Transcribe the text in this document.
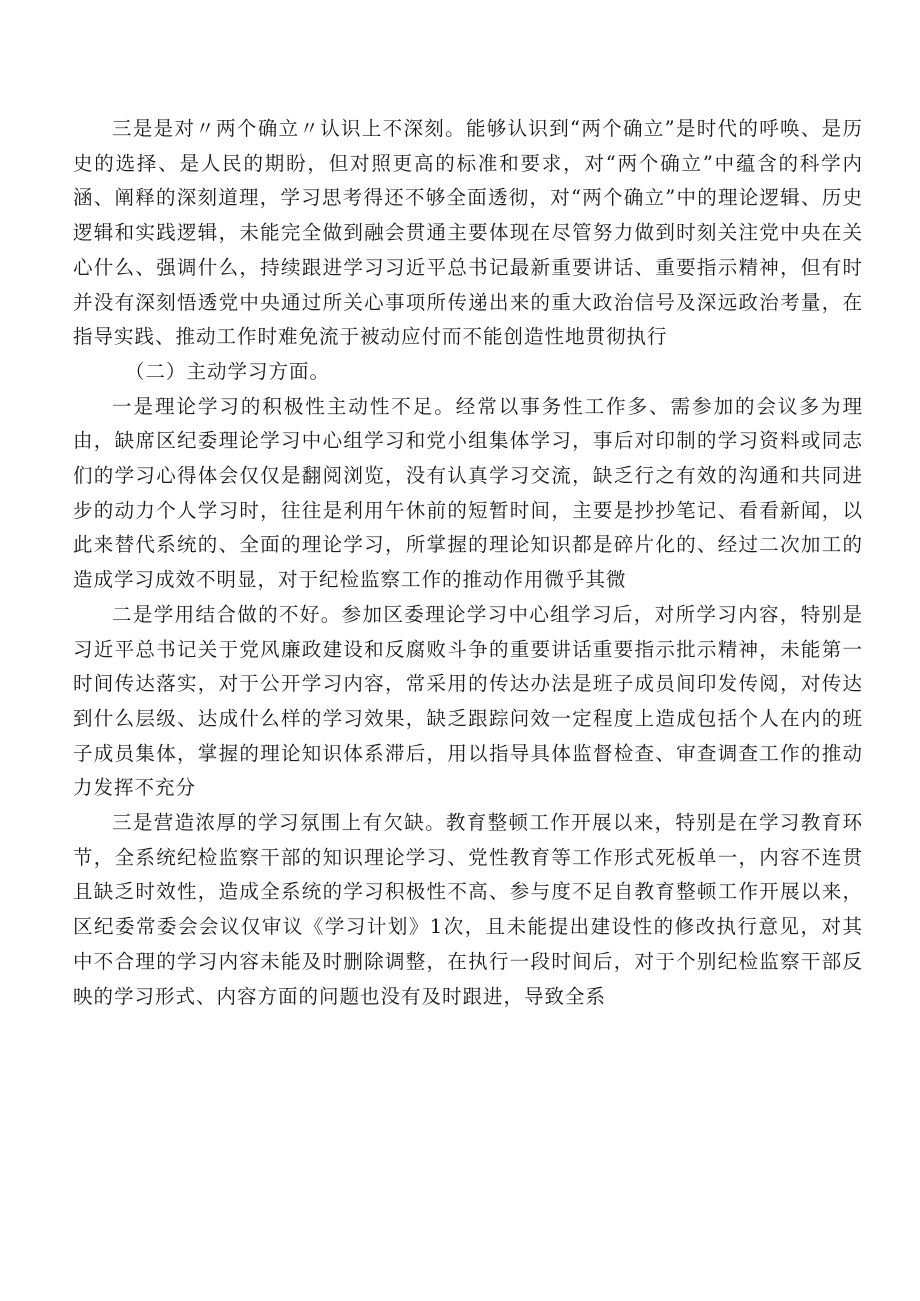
三是是对〃两个确立〃认识上不深刻。能够认识到“两个确立”是时代的呼唤、是历史的选择、是人民的期盼，但对照更高的标准和要求，对“两个确立”中蕴含的科学内涵、阐释的深刻道理，学习思考得还不够全面透彻，对“两个确立”中的理论逻辑、历史逻辑和实践逻辑，未能完全做到融会贯通主要体现在尽管努力做到时刻关注党中央在关心什么、强调什么，持续跟进学习习近平总书记最新重要讲话、重要指示精神，但有时并没有深刻悟透党中央通过所关心事项所传递出来的重大政治信号及深远政治考量，在指导实践、推动工作时难免流于被动应付而不能创造性地贯彻执行

（二）主动学习方面。

一是理论学习的积极性主动性不足。经常以事务性工作多、需参加的会议多为理由，缺席区纪委理论学习中心组学习和党小组集体学习，事后对印制的学习资料或同志们的学习心得体会仅仅是翻阅浏览，没有认真学习交流，缺乏行之有效的沟通和共同进步的动力个人学习时，往往是利用午休前的短暂时间，主要是抄抄笔记、看看新闻，以此来替代系统的、全面的理论学习，所掌握的理论知识都是碎片化的、经过二次加工的造成学习成效不明显，对于纪检监察工作的推动作用微乎其微

二是学用结合做的不好。参加区委理论学习中心组学习后，对所学习内容，特别是习近平总书记关于党风廉政建设和反腐败斗争的重要讲话重要指示批示精神，未能第一时间传达落实，对于公开学习内容，常采用的传达办法是班子成员间印发传阅，对传达到什么层级、达成什么样的学习效果，缺乏跟踪问效一定程度上造成包括个人在内的班子成员集体，掌握的理论知识体系滞后，用以指导具体监督检查、审查调查工作的推动力发挥不充分

三是营造浓厚的学习氛围上有欠缺。教育整顿工作开展以来，特别是在学习教育环节，全系统纪检监察干部的知识理论学习、党性教育等工作形式死板单一，内容不连贯且缺乏时效性，造成全系统的学习积极性不高、参与度不足自教育整顿工作开展以来，区纪委常委会会议仅审议《学习计划》1次，且未能提出建设性的修改执行意见，对其中不合理的学习内容未能及时删除调整，在执行一段时间后，对于个别纪检监察干部反映的学习形式、内容方面的问题也没有及时跟进，导致全系
